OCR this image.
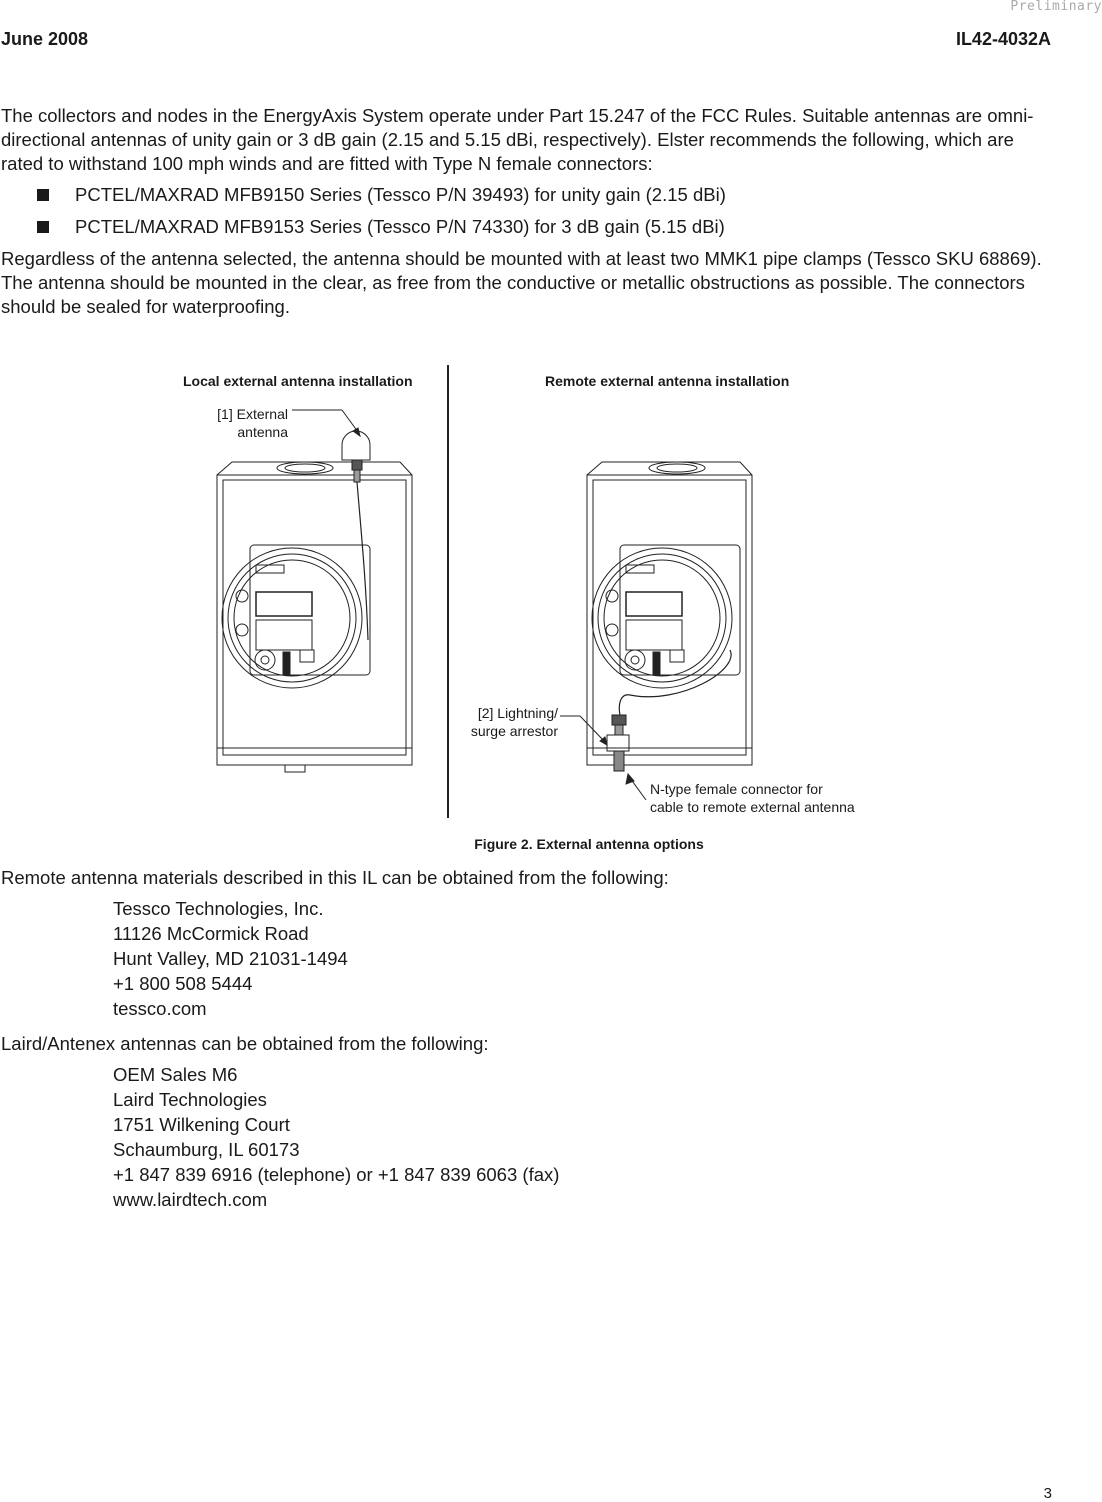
Preliminary
June 2008	IL42-4032A

The collectors and nodes in the EnergyAxis System operate under Part 15.247 of the FCC Rules. Suitable antennas are omni-directional antennas of unity gain or 3 dB gain (2.15 and 5.15 dBi, respectively). Elster recommends the following, which are rated to withstand 100 mph winds and are fitted with Type N female connectors:

PCTEL/MAXRAD MFB9150 Series (Tessco P/N 39493) for unity gain (2.15 dBi)
PCTEL/MAXRAD MFB9153 Series (Tessco P/N 74330) for 3 dB gain (5.15 dBi)

Regardless of the antenna selected, the antenna should be mounted with at least two MMK1 pipe clamps (Tessco SKU 68869). The antenna should be mounted in the clear, as free from the conductive or metallic obstructions as possible. The connectors should be sealed for waterproofing.

Local external antenna installation	Remote external antenna installation
[1] External
antenna
[2] Lightning/
surge arrestor
N-type female connector for
cable to remote external antenna
Figure 2. External antenna options

Remote antenna materials described in this IL can be obtained from the following:

Tessco Technologies, Inc.
11126 McCormick Road
Hunt Valley, MD 21031-1494
+1 800 508 5444
tessco.com

Laird/Antenex antennas can be obtained from the following:

OEM Sales M6
Laird Technologies
1751 Wilkening Court
Schaumburg, IL 60173
+1 847 839 6916 (telephone) or +1 847 839 6063 (fax)
www.lairdtech.com
3
